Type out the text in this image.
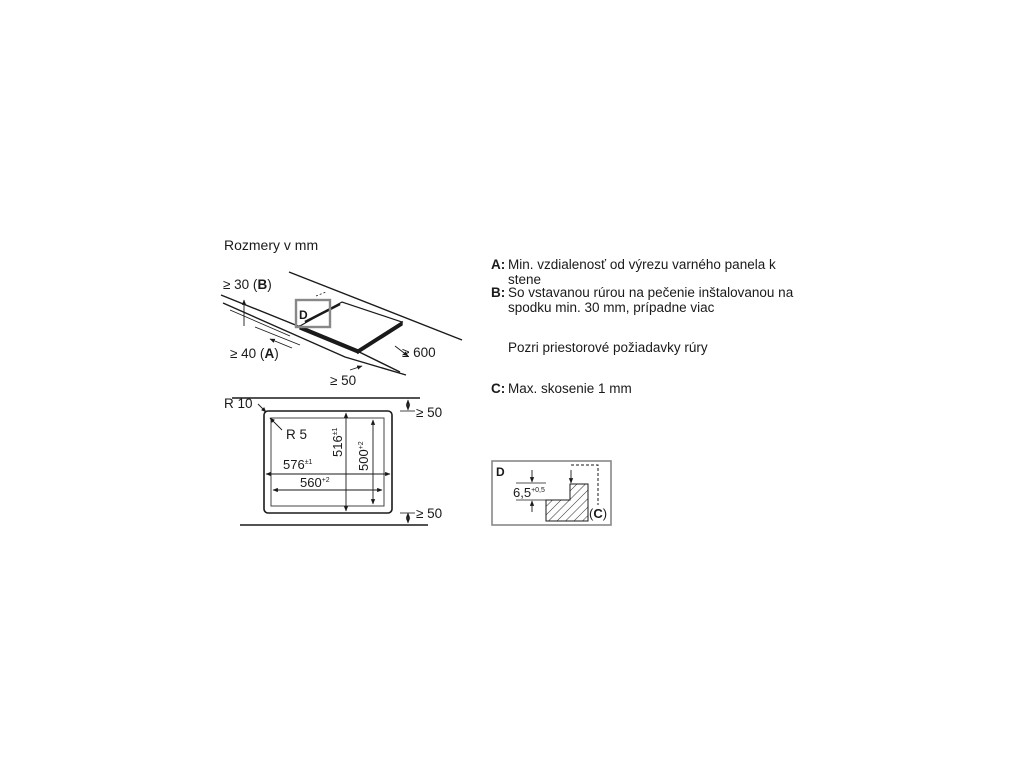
Rozmery v mm
A: Min. vzdialenosť od výrezu varného panela k stene
B: So vstavanou rúrou na pečenie inštalovanou na spodku min. 30 mm, prípadne viac
Pozri priestorové požiadavky rúry
C: Max. skosenie 1 mm
≥ 30 (B)
≥ 40 (A)	≥ 600
≥ 50
D
R 10
R 5
≥ 50
≥ 50
$576^{\pm 1}$
$560^{+2}$
$516^{\pm 1}$
$500^{+2}$
D
$6,5^{+0,5}$
(C)
